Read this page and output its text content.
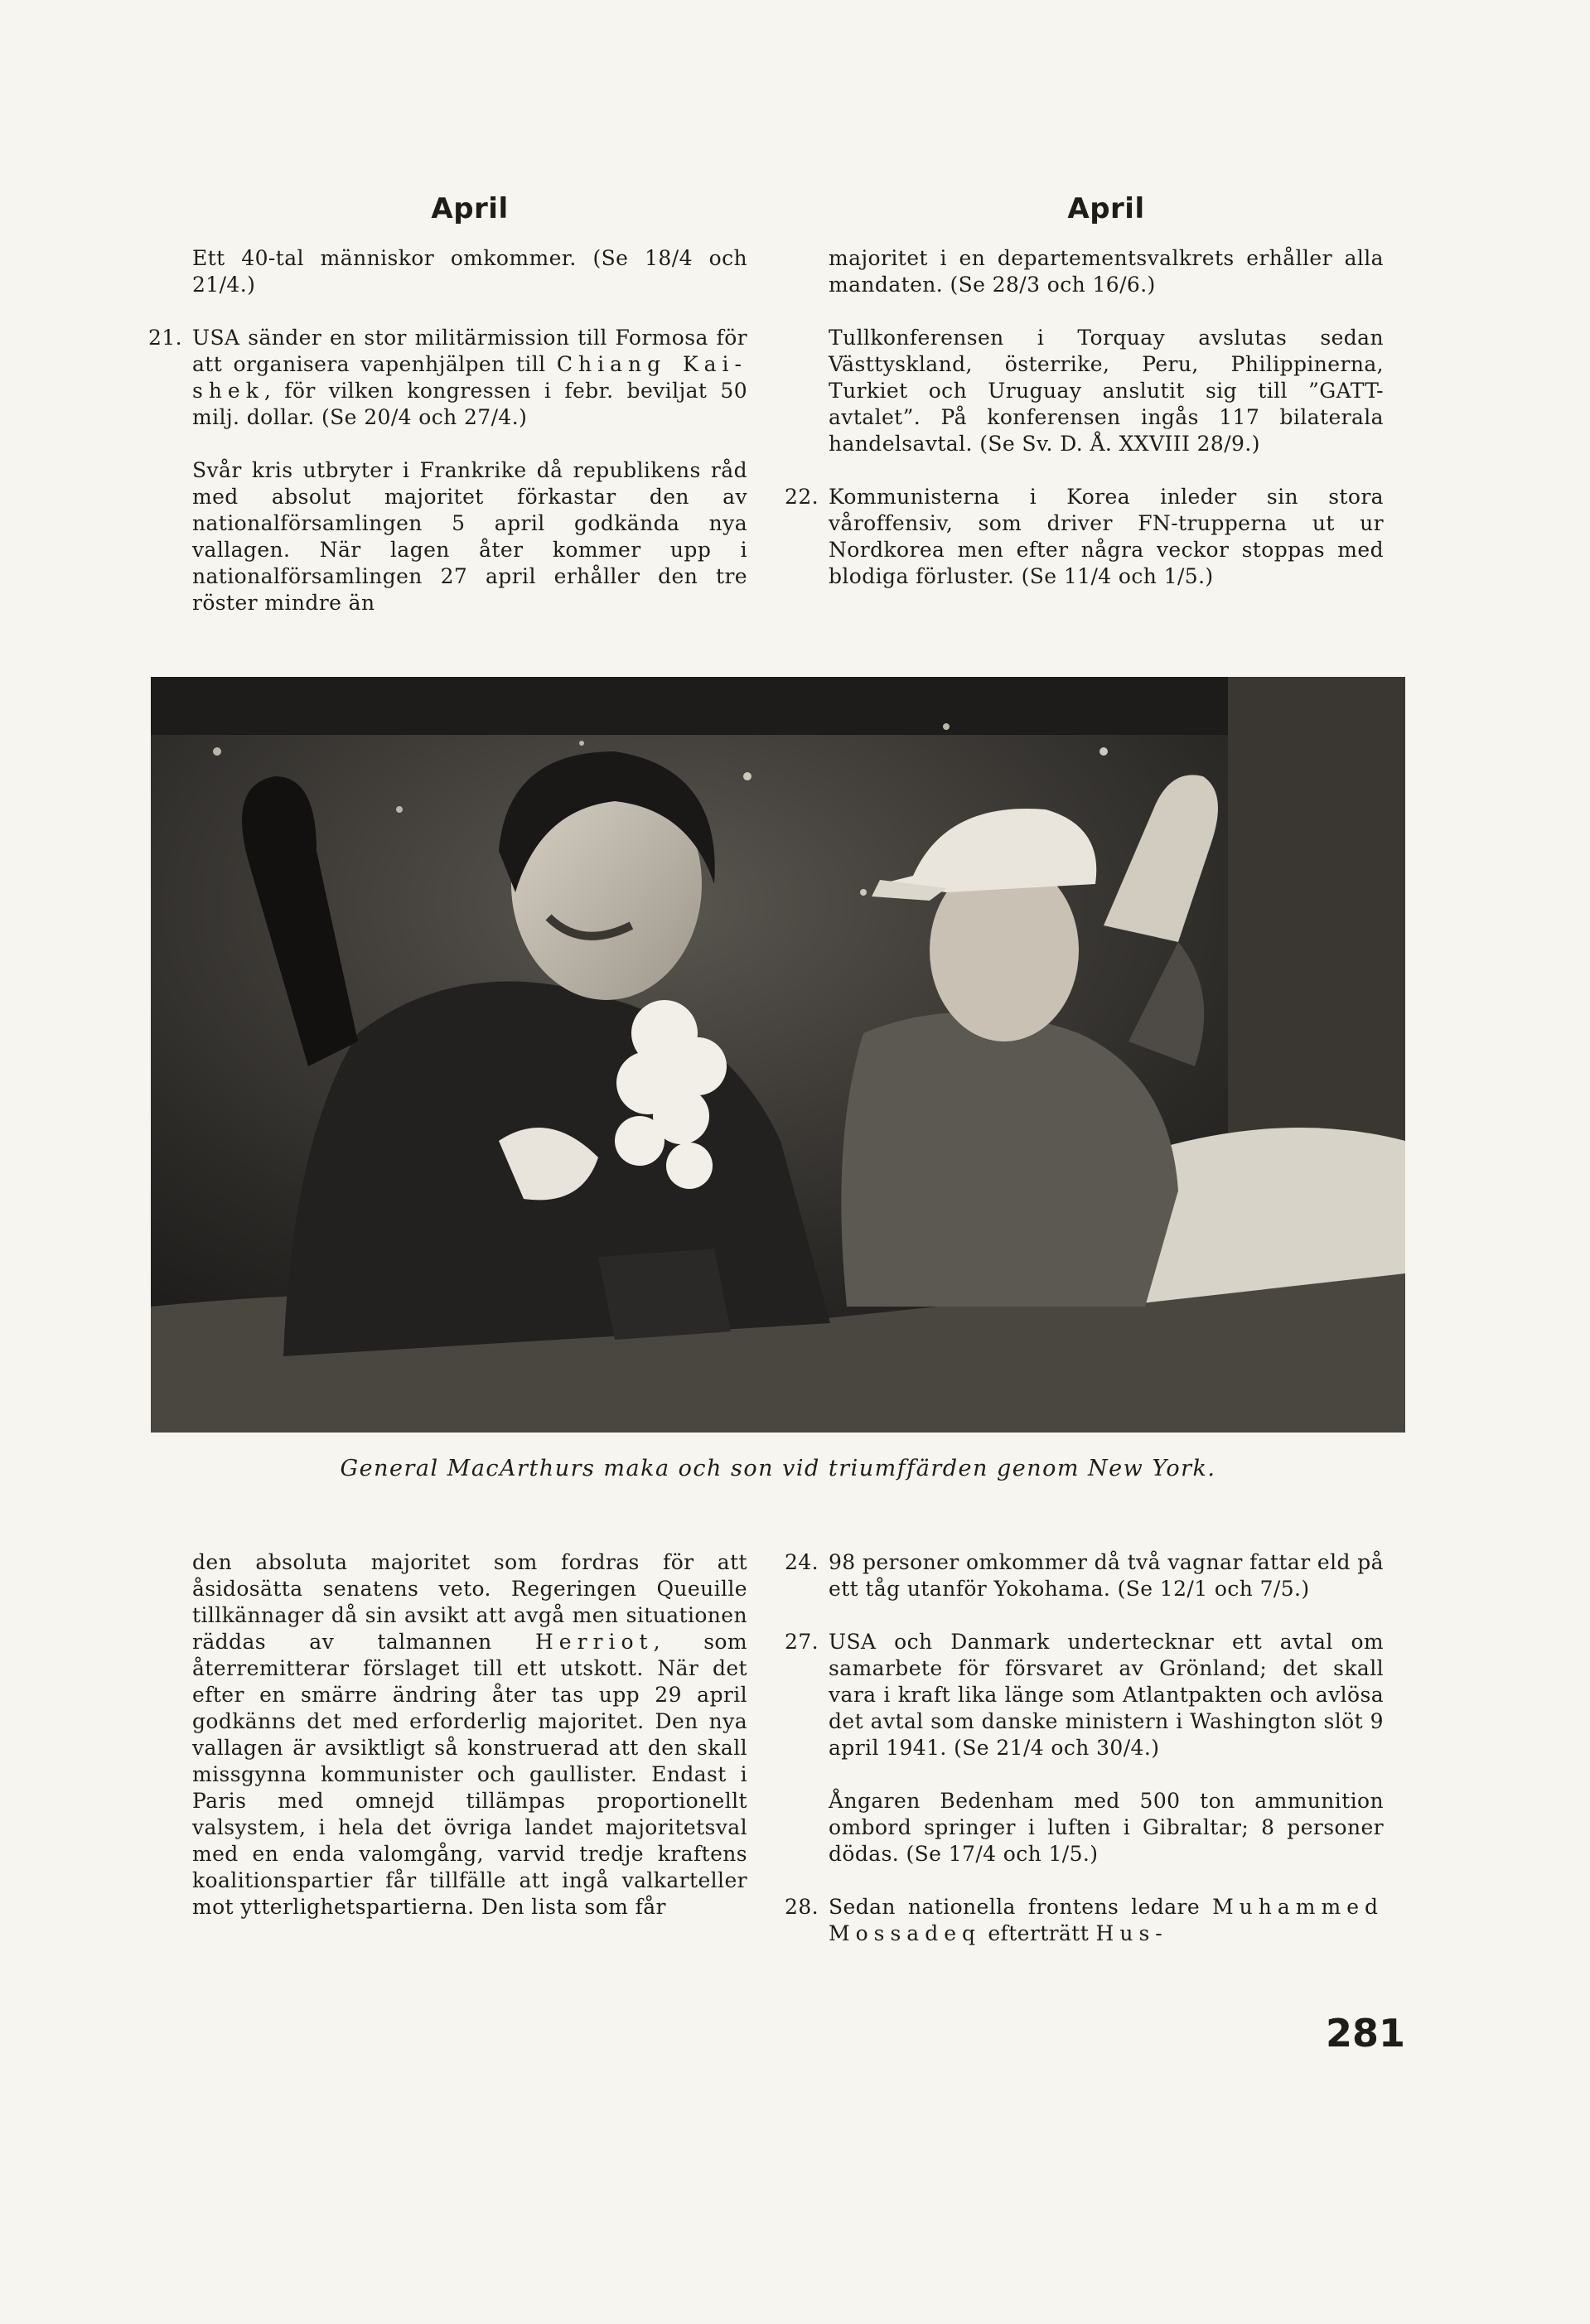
April	April
Ett 40-tal människor omkommer. (Se 18/4 och 21/4.)
21. USA sänder en stor militärmission till Formosa för att organisera vapenhjälpen till Chiang Kai-shek, för vilken kongressen i febr. beviljat 50 milj. dollar. (Se 20/4 och 27/4.)
Svår kris utbryter i Frankrike då republikens råd med absolut majoritet förkastar den av nationalförsamlingen 5 april godkända nya vallagen. När lagen åter kommer upp i nationalförsamlingen 27 april erhåller den tre röster mindre än
majoritet i en departementsvalkrets erhåller alla mandaten. (Se 28/3 och 16/6.)
Tullkonferensen i Torquay avslutas sedan Västtyskland, österrike, Peru, Philippinerna, Turkiet och Uruguay anslutit sig till ”GATT-avtalet”. På konferensen ingås 117 bilaterala handelsavtal. (Se Sv. D. Å. XXVIII 28/9.)
22. Kommunisterna i Korea inleder sin stora våroffensiv, som driver FN-trupperna ut ur Nordkorea men efter några veckor stoppas med blodiga förluster. (Se 11/4 och 1/5.)
General MacArthurs maka och son vid triumffärden genom New York.
den absoluta majoritet som fordras för att åsidosätta senatens veto. Regeringen Queuille tillkännager då sin avsikt att avgå men situationen räddas av talmannen Herriot, som återremitterar förslaget till ett utskott. När det efter en smärre ändring åter tas upp 29 april godkänns det med erforderlig majoritet. Den nya vallagen är avsiktligt så konstruerad att den skall missgynna kommunister och gaullister. Endast i Paris med omnejd tillämpas proportionellt valsystem, i hela det övriga landet majoritetsval med en enda valomgång, varvid tredje kraftens koalitionspartier får tillfälle att ingå valkarteller mot ytterlighetspartierna. Den lista som får
24. 98 personer omkommer då två vagnar fattar eld på ett tåg utanför Yokohama. (Se 12/1 och 7/5.)
27. USA och Danmark undertecknar ett avtal om samarbete för försvaret av Grönland; det skall vara i kraft lika länge som Atlantpakten och avlösa det avtal som danske ministern i Washington slöt 9 april 1941. (Se 21/4 och 30/4.)
Ångaren Bedenham med 500 ton ammunition ombord springer i luften i Gibraltar; 8 personer dödas. (Se 17/4 och 1/5.)
28. Sedan nationella frontens ledare Muhammed Mossadeq efterträtt Hus-
281
